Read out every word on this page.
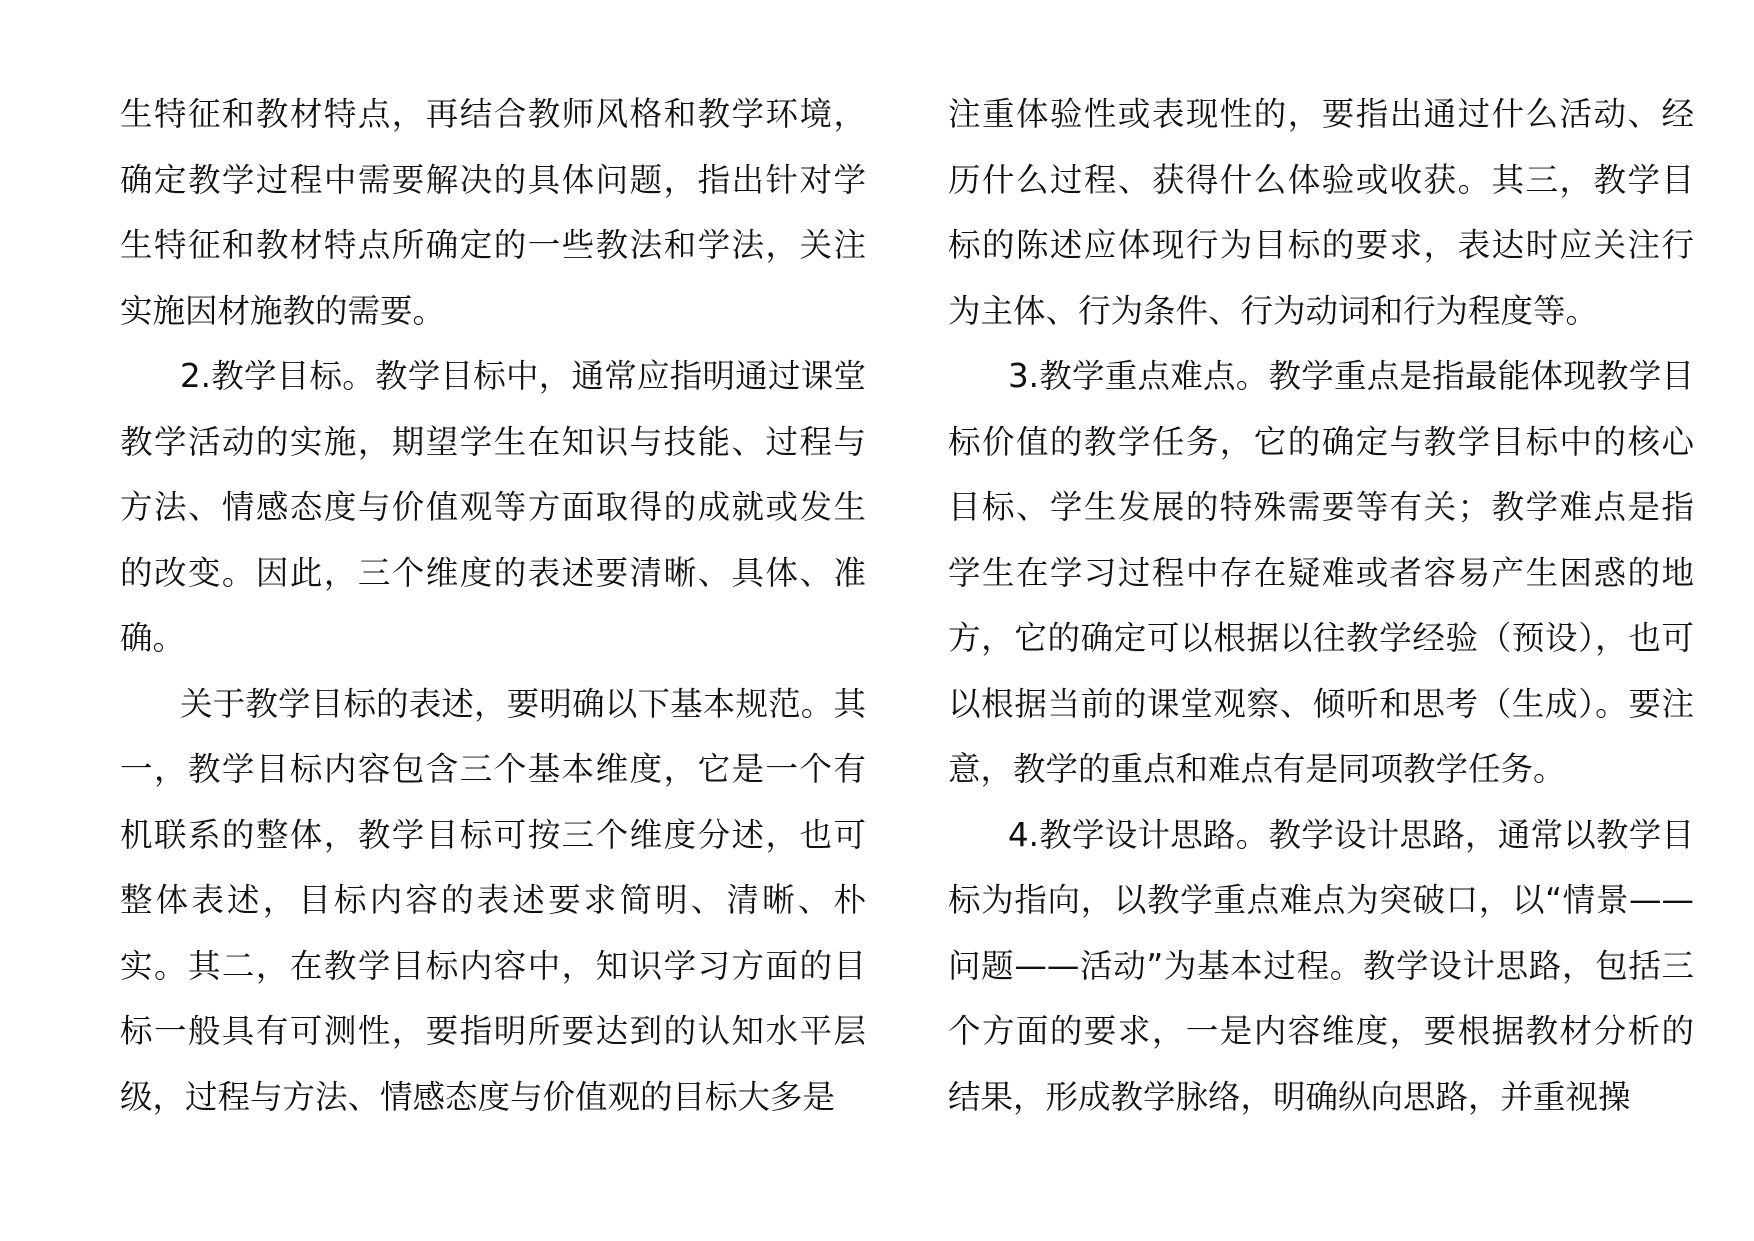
生特征和教材特点，再结合教师风格和教学环境，确定教学过程中需要解决的具体问题，指出针对学生特征和教材特点所确定的一些教法和学法，关注实施因材施教的需要。

2.教学目标。教学目标中，通常应指明通过课堂教学活动的实施，期望学生在知识与技能、过程与方法、情感态度与价值观等方面取得的成就或发生的改变。因此，三个维度的表述要清晰、具体、准确。

关于教学目标的表述，要明确以下基本规范。其一，教学目标内容包含三个基本维度，它是一个有机联系的整体，教学目标可按三个维度分述，也可整体表述，目标内容的表述要求简明、清晰、朴实。其二，在教学目标内容中，知识学习方面的目标一般具有可测性，要指明所要达到的认知水平层级，过程与方法、情感态度与价值观的目标大多是

注重体验性或表现性的，要指出通过什么活动、经历什么过程、获得什么体验或收获。其三，教学目标的陈述应体现行为目标的要求，表达时应关注行为主体、行为条件、行为动词和行为程度等。

3.教学重点难点。教学重点是指最能体现教学目标价值的教学任务，它的确定与教学目标中的核心目标、学生发展的特殊需要等有关；教学难点是指学生在学习过程中存在疑难或者容易产生困惑的地方，它的确定可以根据以往教学经验（预设），也可以根据当前的课堂观察、倾听和思考（生成）。要注意，教学的重点和难点有是同项教学任务。

4.教学设计思路。教学设计思路，通常以教学目标为指向，以教学重点难点为突破口，以“情景——问题——活动”为基本过程。教学设计思路，包括三个方面的要求，一是内容维度，要根据教材分析的结果，形成教学脉络，明确纵向思路，并重视操
